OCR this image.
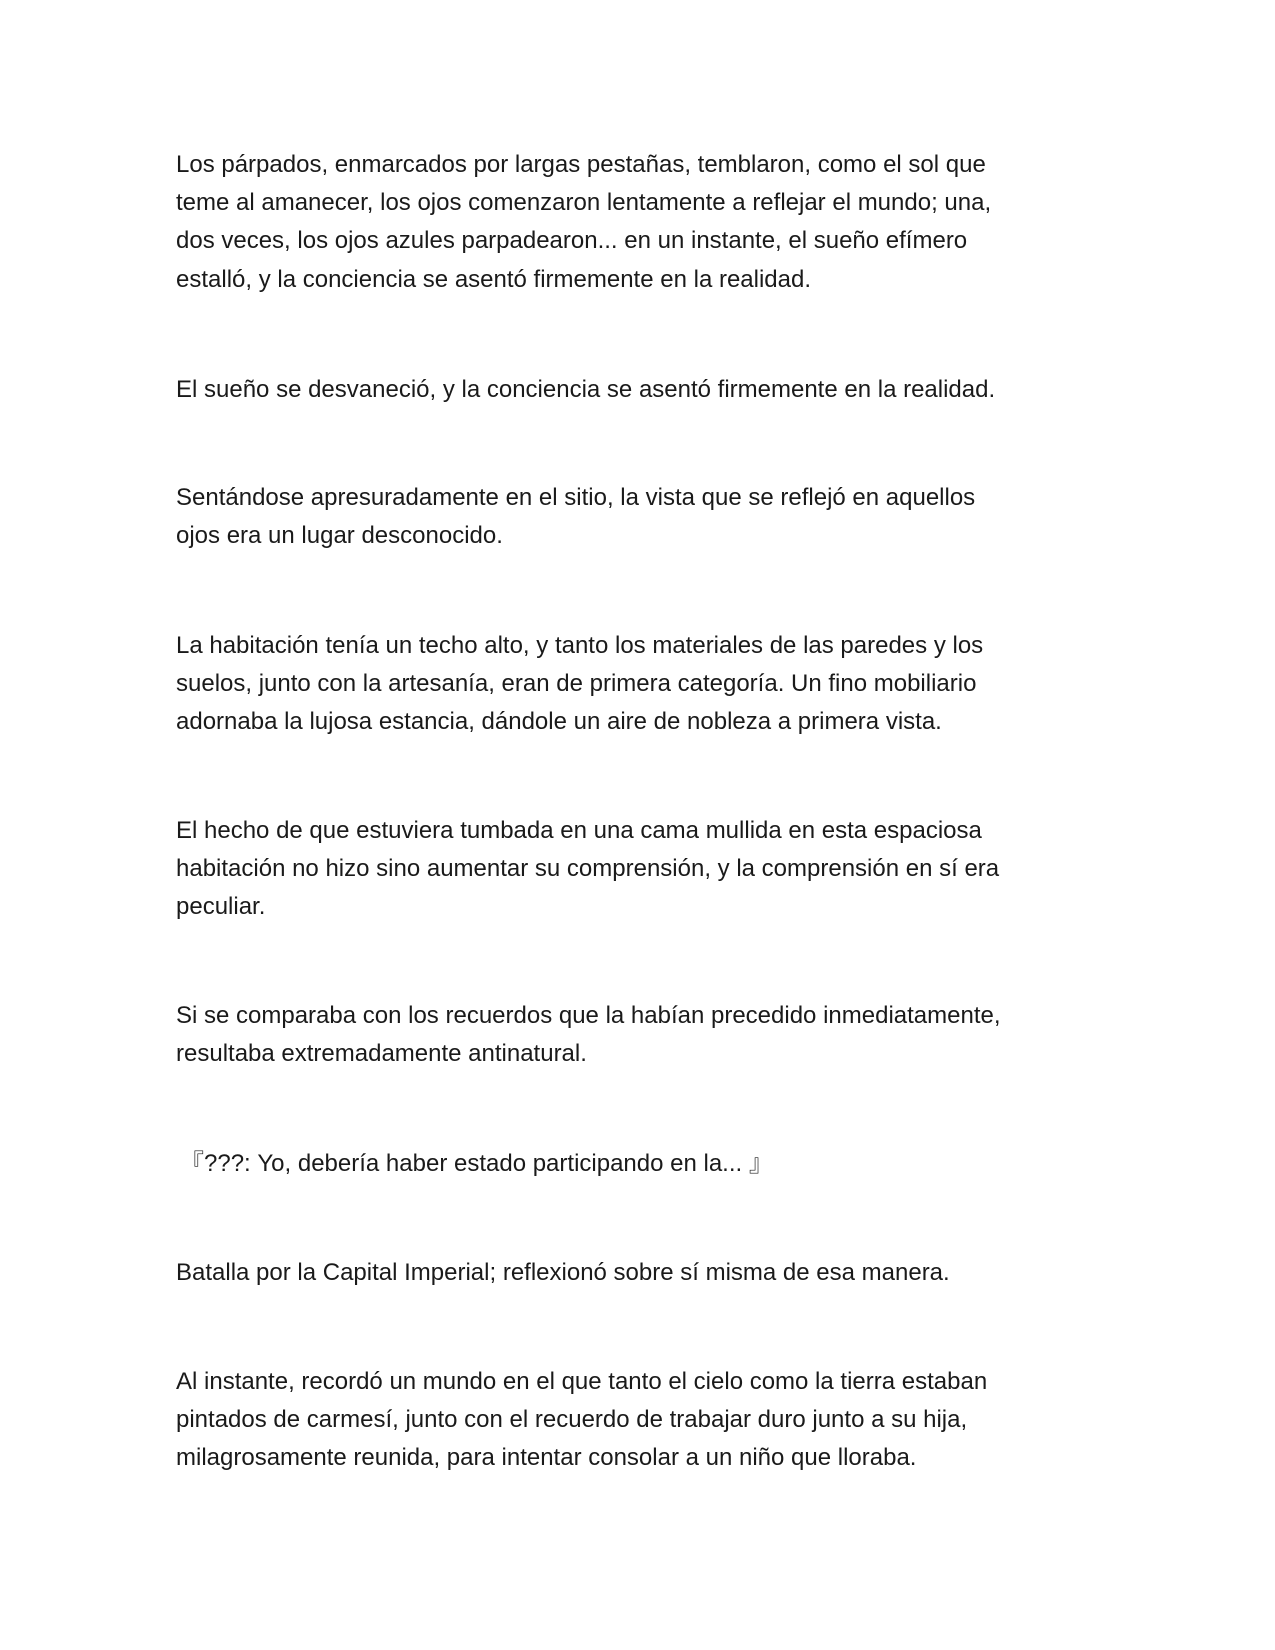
Los párpados, enmarcados por largas pestañas, temblaron, como el sol que
teme al amanecer, los ojos comenzaron lentamente a reflejar el mundo; una,
dos veces, los ojos azules parpadearon... en un instante, el sueño efímero
estalló, y la conciencia se asentó firmemente en la realidad.

El sueño se desvaneció, y la conciencia se asentó firmemente en la realidad.

Sentándose apresuradamente en el sitio, la vista que se reflejó en aquellos
ojos era un lugar desconocido.

La habitación tenía un techo alto, y tanto los materiales de las paredes y los
suelos, junto con la artesanía, eran de primera categoría. Un fino mobiliario
adornaba la lujosa estancia, dándole un aire de nobleza a primera vista.

El hecho de que estuviera tumbada en una cama mullida en esta espaciosa
habitación no hizo sino aumentar su comprensión, y la comprensión en sí era
peculiar.

Si se comparaba con los recuerdos que la habían precedido inmediatamente,
resultaba extremadamente antinatural.

『???: Yo, debería haber estado participando en la... 』

Batalla por la Capital Imperial; reflexionó sobre sí misma de esa manera.

Al instante, recordó un mundo en el que tanto el cielo como la tierra estaban
pintados de carmesí, junto con el recuerdo de trabajar duro junto a su hija,
milagrosamente reunida, para intentar consolar a un niño que lloraba.
